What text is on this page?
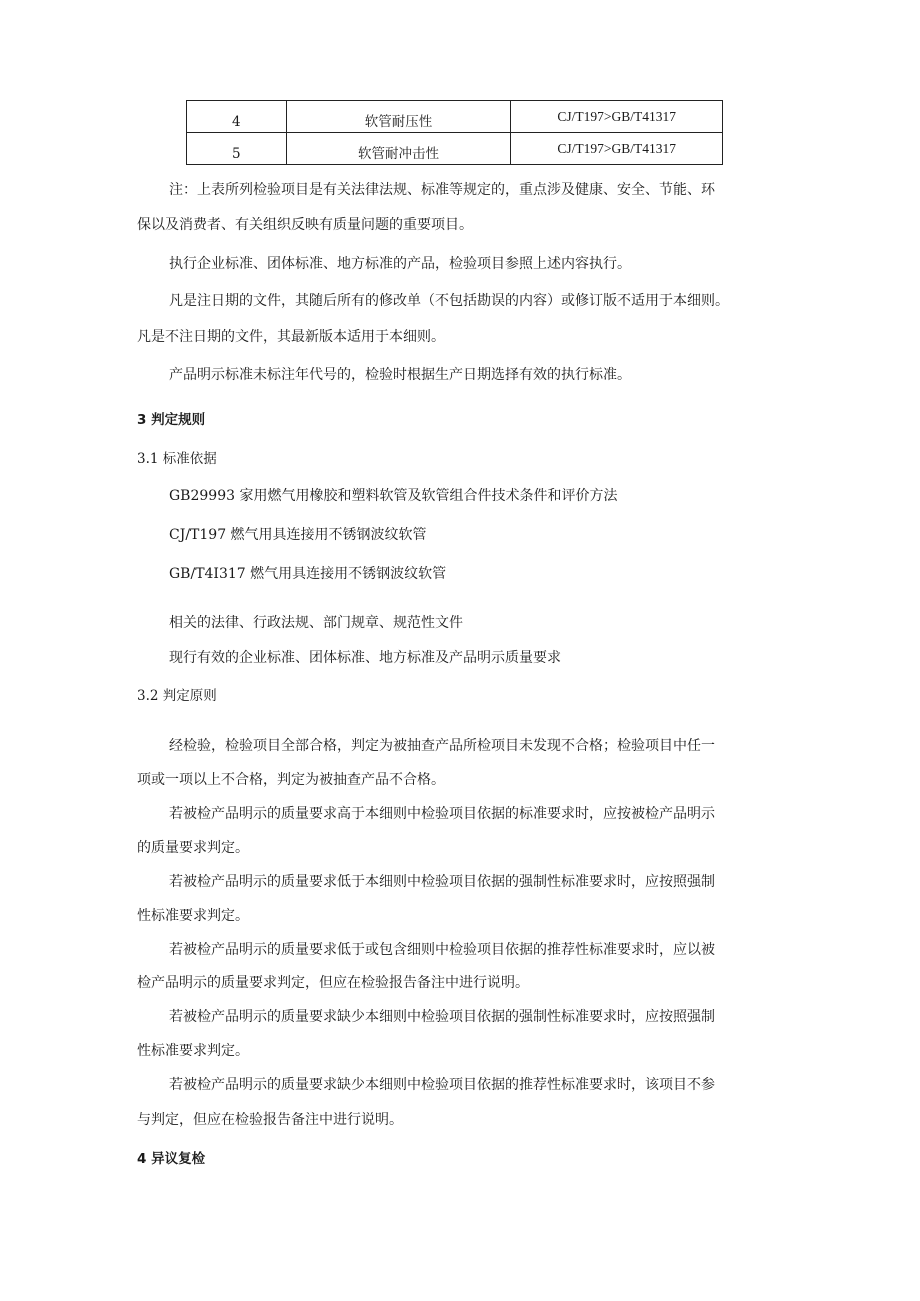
4	软管耐压性	CJ/T197>GB/T41317
5	软管耐冲击性	CJ/T197>GB/T41317
注：上表所列检验项目是有关法律法规、标准等规定的，重点涉及健康、安全、节能、环
保以及消费者、有关组织反映有质量问题的重要项目。
执行企业标准、团体标准、地方标准的产品，检验项目参照上述内容执行。
凡是注日期的文件，其随后所有的修改单（不包括勘误的内容）或修订版不适用于本细则。
凡是不注日期的文件，其最新版本适用于本细则。
产品明示标准未标注年代号的，检验时根据生产日期选择有效的执行标准。
3 判定规则
3.1 标准依据
GB29993 家用燃气用橡胶和塑料软管及软管组合件技术条件和评价方法
CJ/T197 燃气用具连接用不锈钢波纹软管
GB/T4I317 燃气用具连接用不锈钢波纹软管
相关的法律、行政法规、部门规章、规范性文件
现行有效的企业标准、团体标准、地方标准及产品明示质量要求
3.2 判定原则
经检验，检验项目全部合格，判定为被抽查产品所检项目未发现不合格；检验项目中任一
项或一项以上不合格，判定为被抽查产品不合格。
若被检产品明示的质量要求高于本细则中检验项目依据的标准要求时，应按被检产品明示
的质量要求判定。
若被检产品明示的质量要求低于本细则中检验项目依据的强制性标准要求时，应按照强制
性标准要求判定。
若被检产品明示的质量要求低于或包含细则中检验项目依据的推荐性标准要求时，应以被
检产品明示的质量要求判定，但应在检验报告备注中进行说明。
若被检产品明示的质量要求缺少本细则中检验项目依据的强制性标准要求时，应按照强制
性标准要求判定。
若被检产品明示的质量要求缺少本细则中检验项目依据的推荐性标准要求时，该项目不参
与判定，但应在检验报告备注中进行说明。
4 异议复检
